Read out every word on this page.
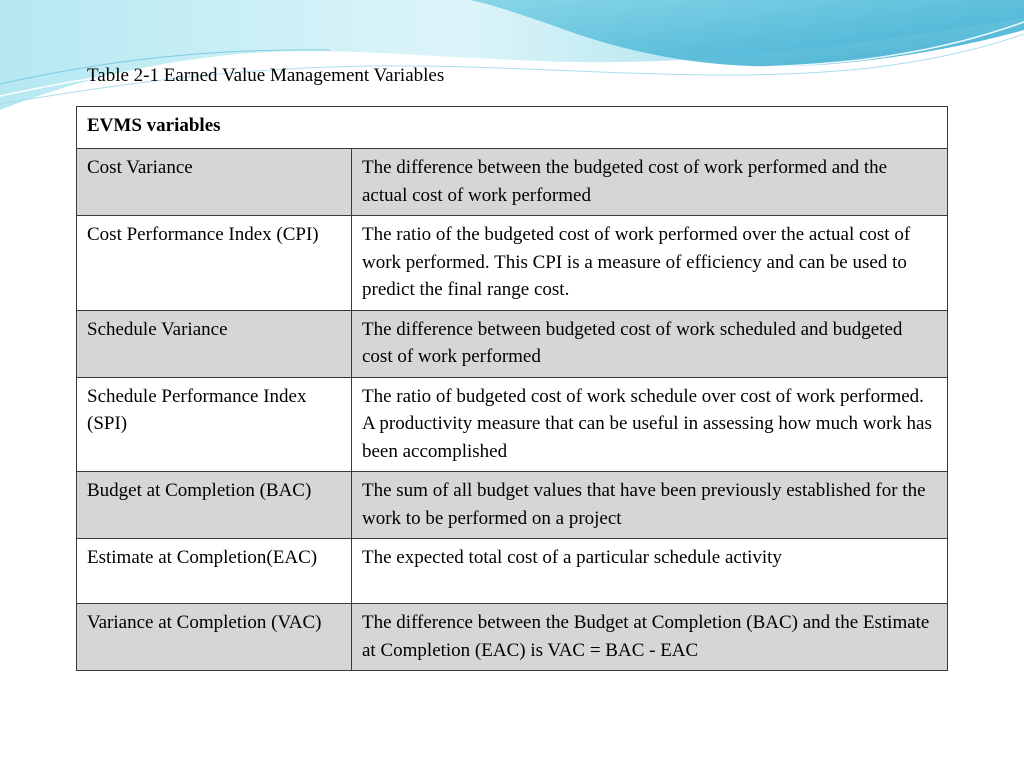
Table 2-1 Earned Value Management Variables
EVMS variables	
Cost Variance	The difference between the budgeted cost of work performed and the actual cost of work performed
Cost Performance Index (CPI)	The ratio of the budgeted cost of work performed over the actual cost of work performed. This CPI is a measure of efficiency and can be used to predict the final range cost.
Schedule Variance	The difference between budgeted cost of work scheduled and budgeted cost of work performed
Schedule Performance Index (SPI)	The ratio of budgeted cost of work schedule over cost of work performed. A productivity measure that can be useful in assessing how much work has been accomplished
Budget at Completion (BAC)	The sum of all budget values that have been previously established for the work to be performed on a project
Estimate at Completion(EAC)	The expected total cost of a particular schedule activity
Variance at Completion (VAC)	The difference between the Budget at Completion (BAC) and the Estimate at Completion (EAC) is VAC = BAC - EAC
